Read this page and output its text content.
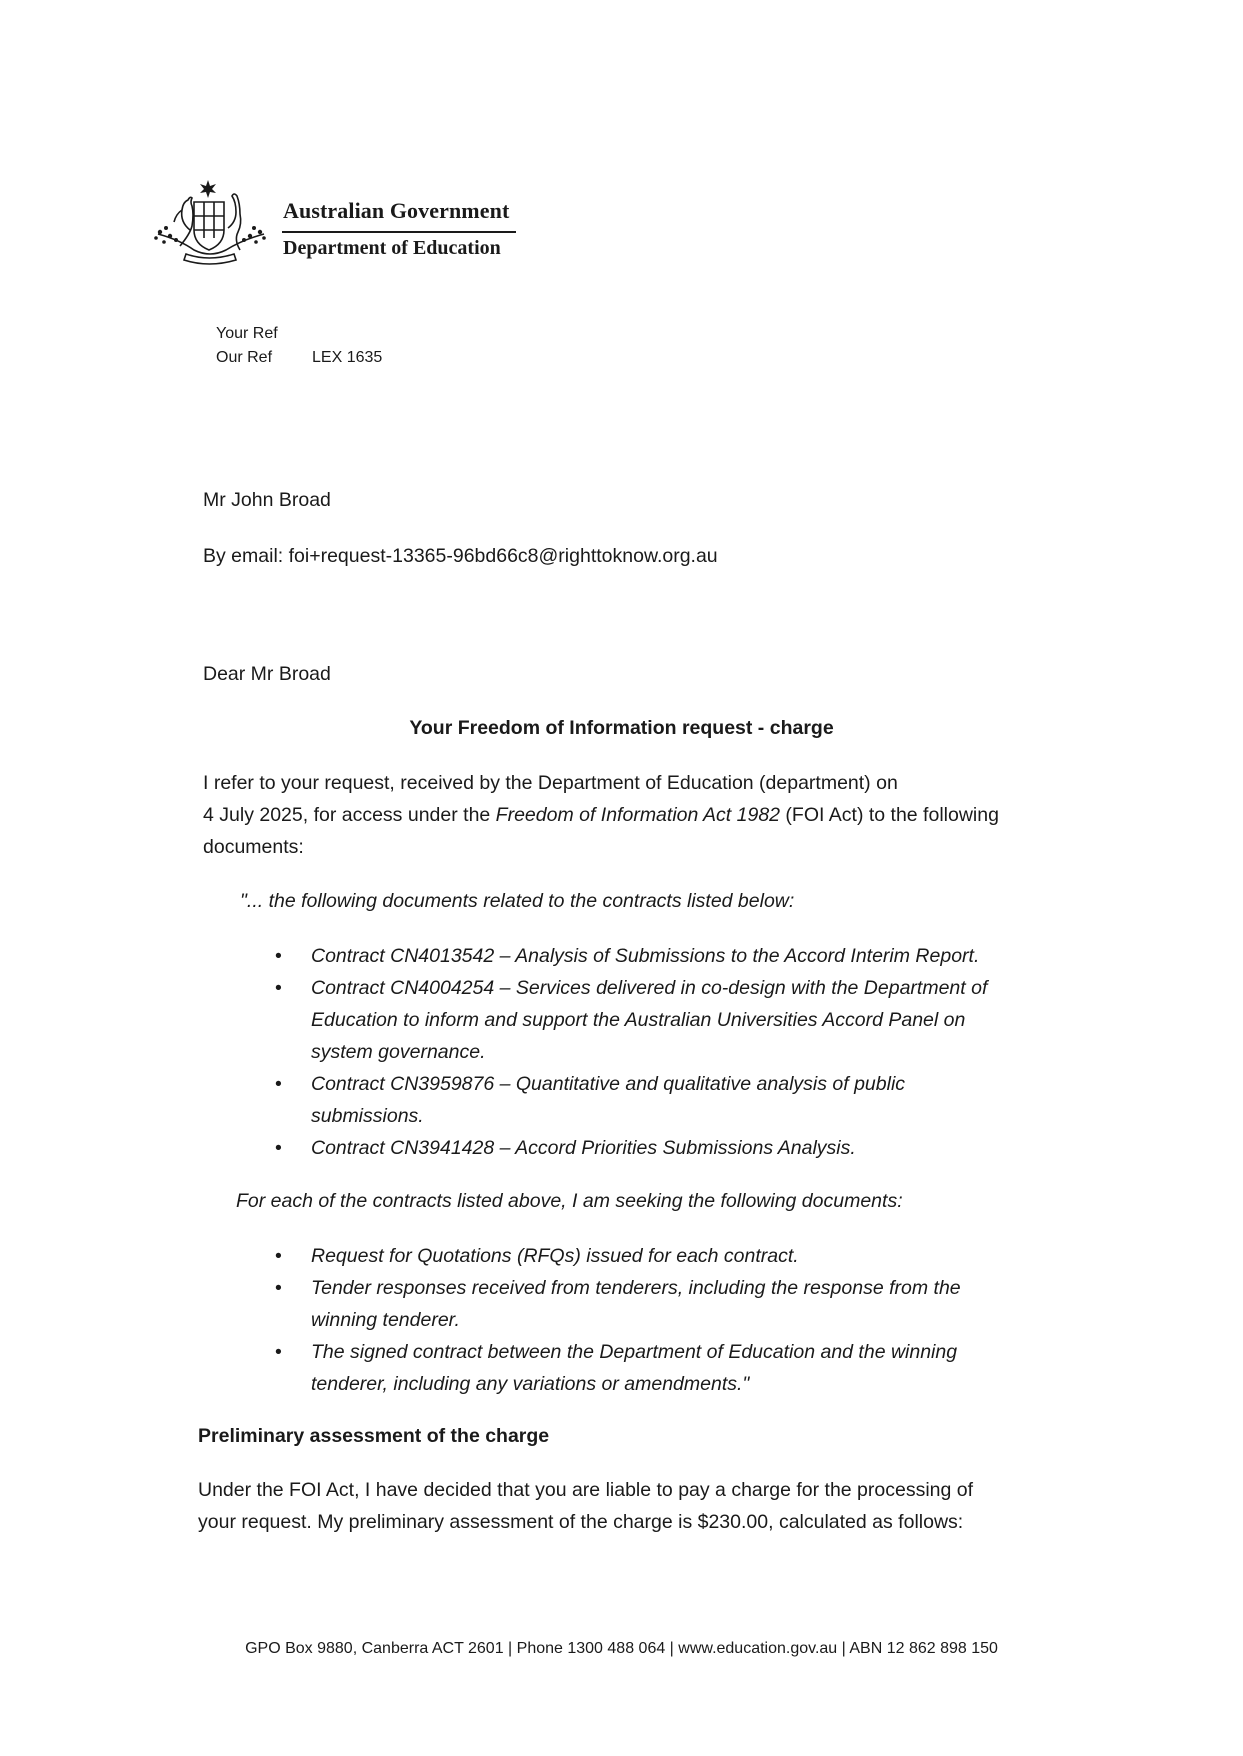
Australian Government
Department of Education
Your Ref
Our Ref	LEX 1635
Mr John Broad
By email: foi+request-13365-96bd66c8@righttoknow.org.au
Dear Mr Broad
Your Freedom of Information request - charge

I refer to your request, received by the Department of Education (department) on

4 July 2025, for access under the Freedom of Information Act 1982 (FOI Act) to the following

documents:

"... the following documents related to the contracts listed below:
• Contract CN4013542 – Analysis of Submissions to the Accord Interim Report.
• Contract CN4004254 – Services delivered in co-design with the Department of
Education to inform and support the Australian Universities Accord Panel on
system governance.
• Contract CN3959876 – Quantitative and qualitative analysis of public
submissions.
• Contract CN3941428 – Accord Priorities Submissions Analysis.
For each of the contracts listed above, I am seeking the following documents:
• Request for Quotations (RFQs) issued for each contract.
• Tender responses received from tenderers, including the response from the
winning tenderer.
• The signed contract between the Department of Education and the winning
tenderer, including any variations or amendments."
Preliminary assessment of the charge

Under the FOI Act, I have decided that you are liable to pay a charge for the processing of

your request. My preliminary assessment of the charge is $230.00, calculated as follows:

GPO Box 9880, Canberra ACT 2601 | Phone 1300 488 064 | www.education.gov.au | ABN 12 862 898 150
